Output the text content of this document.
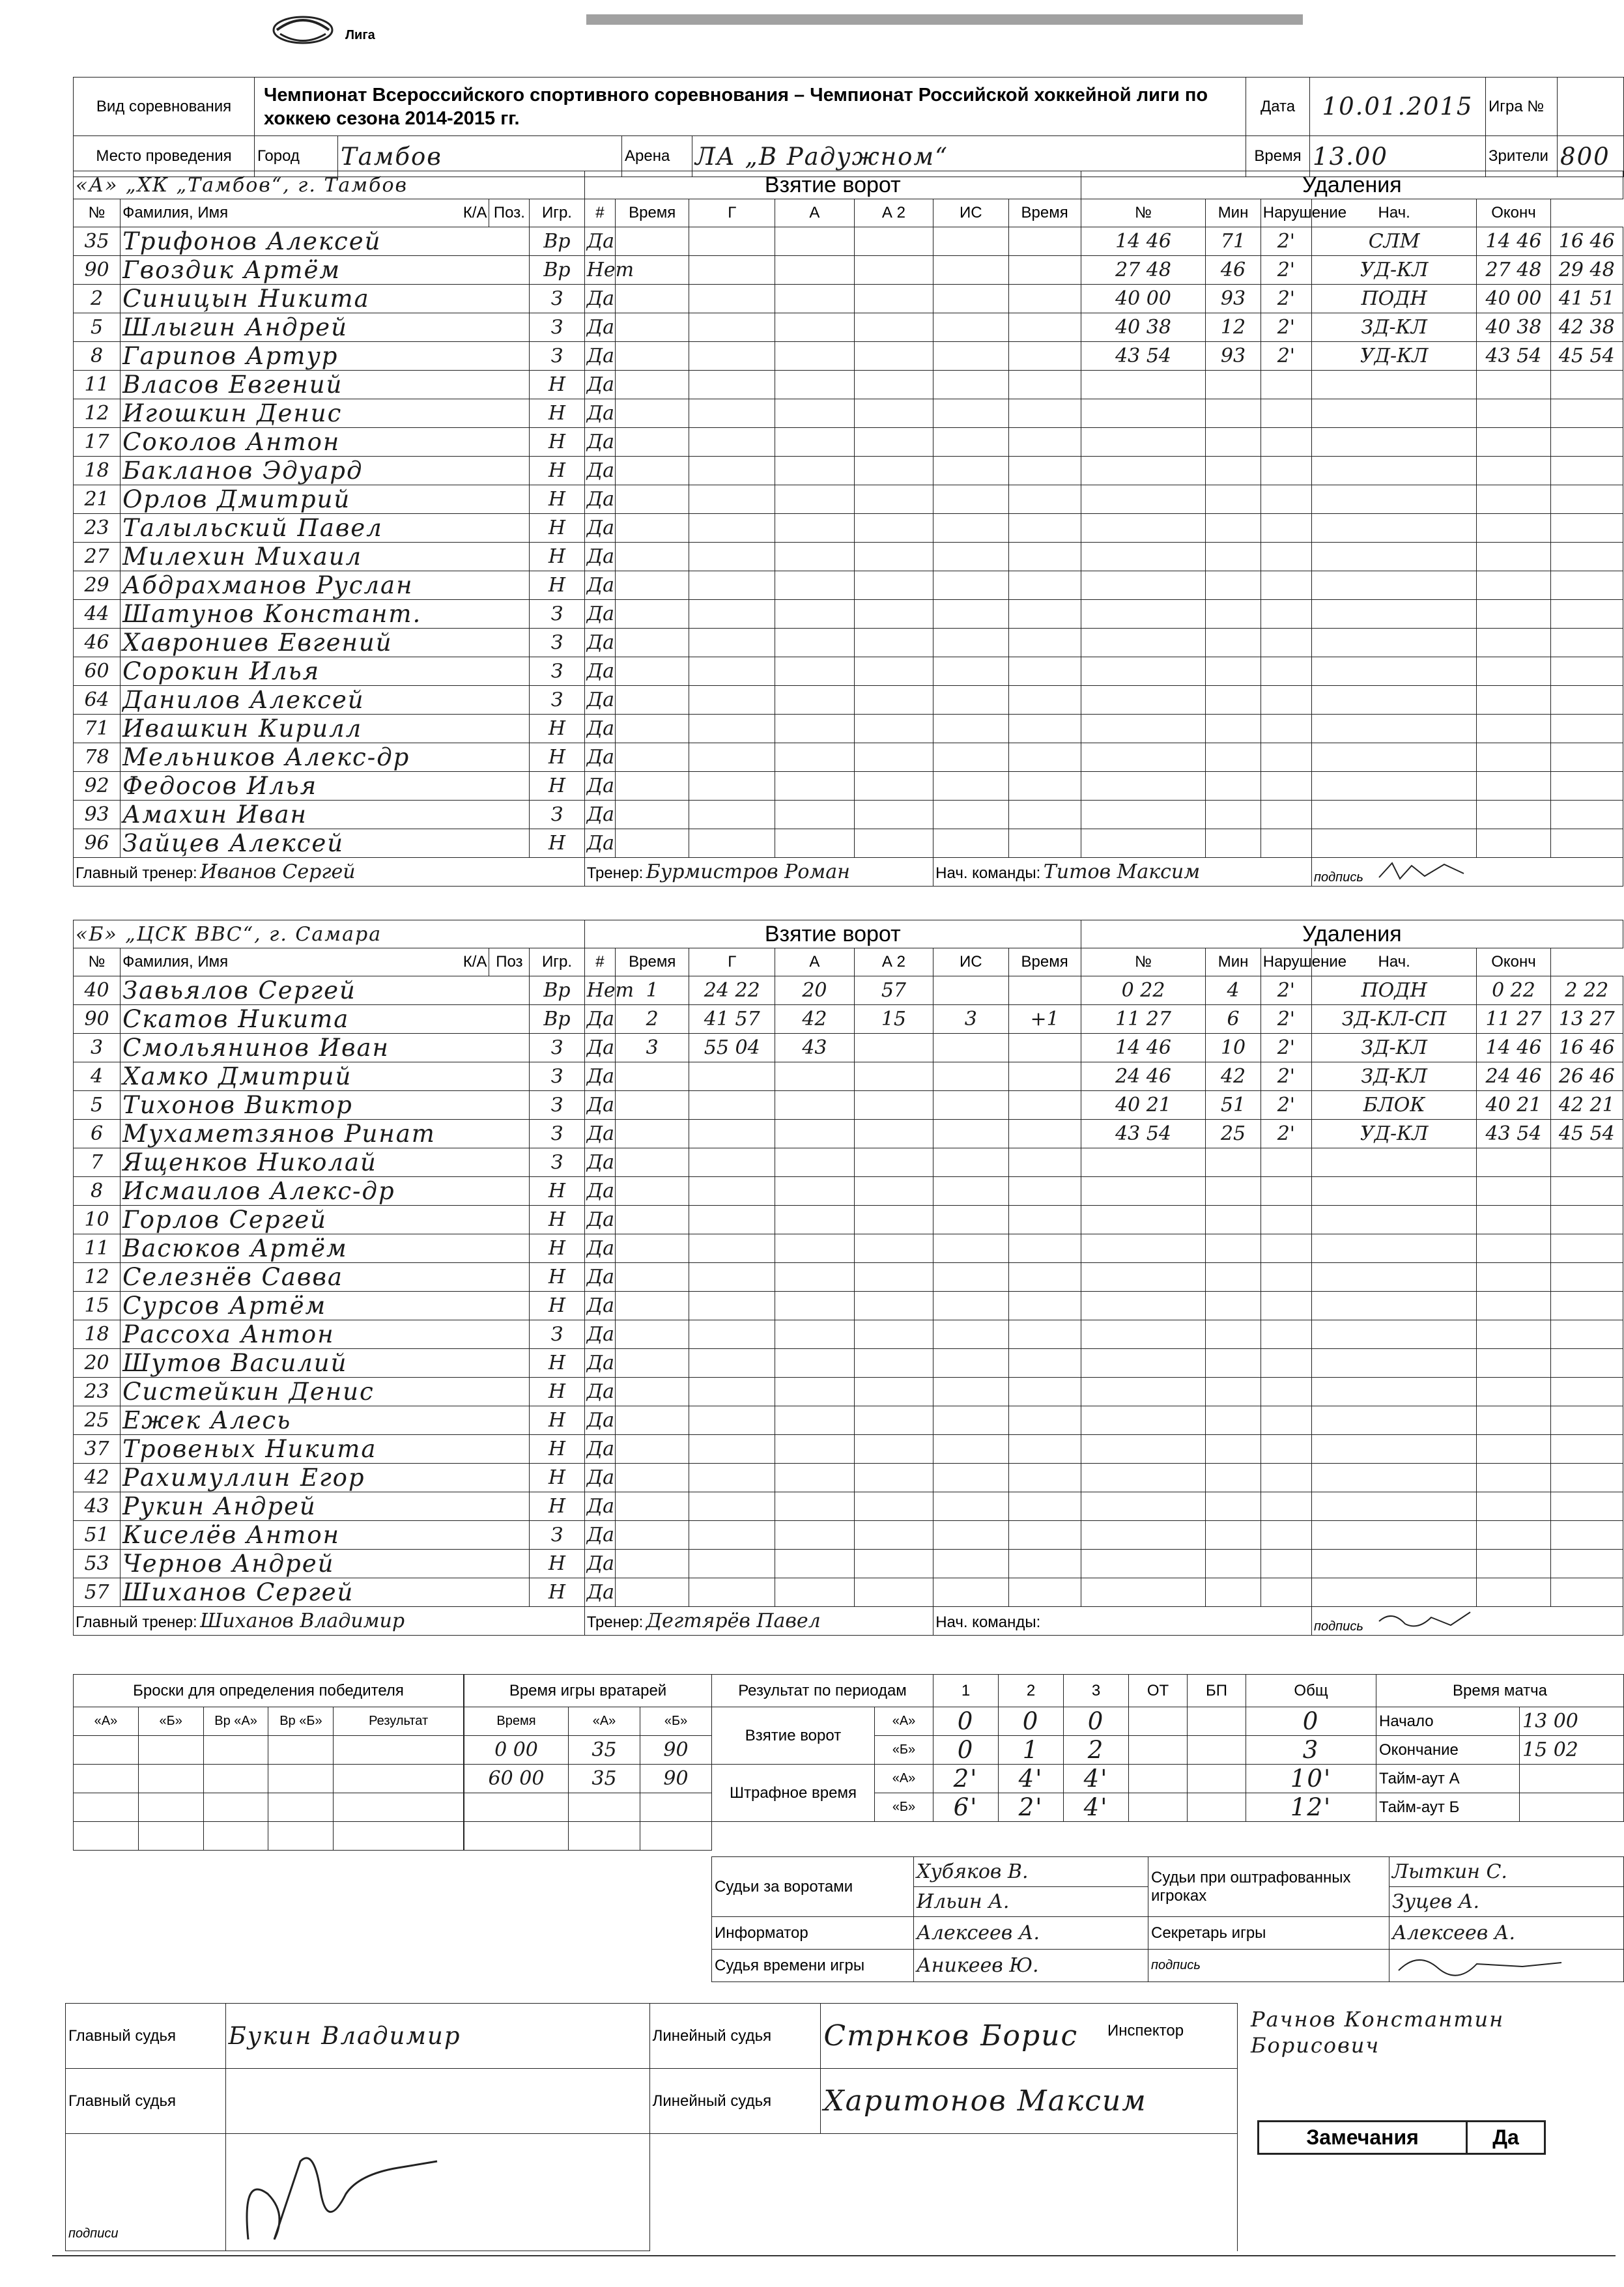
Лига
Вид соревнования	Чемпионат Всероссийского спортивного соревнования – Чемпионат Российской хоккейной лиги по хоккею сезона 2014-2015 гг.				Дата	10.01.2015	Игра №	
Место проведения	Город	Тамбов	Арена	ЛА „В Радужном“	Время	13.00	Зрители	800
«А» „ХК „Тамбов“, г. Тамбов				Взятие ворот							Удаления					
№	Фамилия, Имя К/А	Поз.	Игр.	#	Время	Г	А	А 2	ИС	Время	№	Мин	Нарушение	Нач.	Оконч	
35	Трифонов Алексей		Вр	Да							14 46	71	2'	СЛМ	14 46	16 46
90	Гвоздик Артём		Вр	Нет							27 48	46	2'	УД-КЛ	27 48	29 48
2	Синицын Никита		З	Да							40 00	93	2'	ПОДН	40 00	41 51
5	Шлыгин Андрей		З	Да							40 38	12	2'	ЗД-КЛ	40 38	42 38
8	Гарипов Артур		З	Да							43 54	93	2'	УД-КЛ	43 54	45 54
11	Власов Евгений		Н	Да												
12	Игошкин Денис		Н	Да												
17	Соколов Антон		Н	Да												
18	Бакланов Эдуард		Н	Да												
21	Орлов Дмитрий		Н	Да												
23	Талыльский Павел		Н	Да												
27	Милехин Михаил		Н	Да												
29	Абдрахманов Руслан		Н	Да												
44	Шатунов Констант.		З	Да												
46	Хаврониев Евгений		З	Да												
60	Сорокин Илья		З	Да												
64	Данилов Алексей		З	Да												
71	Ивашкин Кирилл		Н	Да												
78	Мельников Алекс-др		Н	Да												
92	Федосов Илья		Н	Да												
93	Амахин Иван		З	Да												
96	Зайцев Алексей		Н	Да												
Главный тренер: Иванов Сергей				Тренер: Бурмистров Роман					Нач. команды: Титов Максим					подпись		
«Б» „ЦСК ВВС“, г. Самара				Взятие ворот							Удаления					
№	Фамилия, Имя К/А	Поз	Игр.	#	Время	Г	А	А 2	ИС	Время	№	Мин	Нарушение	Нач.	Оконч	
40	Завьялов Сергей		Вр	Нет	1	24 22	20	57			0 22	4	2'	ПОДН	0 22	2 22
90	Скатов Никита		Вр	Да	2	41 57	42	15	3	+1	11 27	6	2'	ЗД-КЛ-СП	11 27	13 27
3	Смольянинов Иван		З	Да	3	55 04	43				14 46	10	2'	ЗД-КЛ	14 46	16 46
4	Хамко Дмитрий		З	Да							24 46	42	2'	ЗД-КЛ	24 46	26 46
5	Тихонов Виктор		З	Да							40 21	51	2'	БЛОК	40 21	42 21
6	Мухаметзянов Ринат		З	Да							43 54	25	2'	УД-КЛ	43 54	45 54
7	Ященков Николай		З	Да												
8	Исмаилов Алекс-др		Н	Да												
10	Горлов Сергей		Н	Да												
11	Васюков Артём		Н	Да												
12	Селезнёв Савва		Н	Да												
15	Сурсов Артём		Н	Да												
18	Рассоха Антон		З	Да												
20	Шутов Василий		Н	Да												
23	Систейкин Денис		Н	Да												
25	Ежек Алесь		Н	Да												
37	Тровеных Никита		Н	Да												
42	Рахимуллин Егор		Н	Да												
43	Рукин Андрей		Н	Да												
51	Киселёв Антон		З	Да												
53	Чернов Андрей		Н	Да												
57	Шиханов Сергей		Н	Да												
Главный тренер: Шиханов Владимир				Тренер: Дегтярёв Павел					Нач. команды:					подпись		
Броски для определения победителя				
«А»	«Б»	Вр «А»	Вр «Б»	Результат

Время игры вратарей		
Время	«А»	«Б»
0 00	35	90
60 00	35	90

Результат по периодам		1	2	3	ОТ	БП	Общ
Взятие ворот	«А»	0	0	0			0
	«Б»	0	1	2			3
Штрафное время	«А»	2'	4'	4'			10'
	«Б»	6'	2'	4'			12'
Время матча	
Начало	13 00
Окончание	15 02
Тайм-аут А	
Тайм-аут Б	
Судьи за воротами	Хубяков В.	Судьи при оштрафованных игроках	Лыткин С.
	Ильин А.		Зуцев А.
Информатор	Алексеев А.	Секретарь игры	Алексеев А.
Судья времени игры	Аникеев Ю.	подпись	
Главный судья	Букин Владимир	Линейный судья	Стрнков Борис
Главный судья		Линейный судья	Харитонов Максим
подписи		
Инспектор	Рачнов Константин Борисович
Замечания	Да
